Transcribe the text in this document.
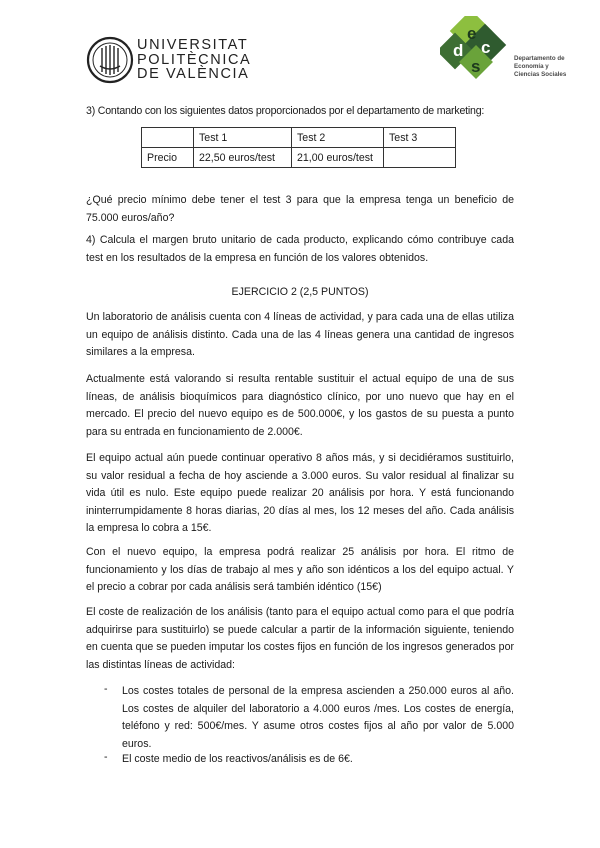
UNIVERSITAT
POLITÈCNICA
DE VALÈNCIA
d
e
c
s	Departamento de
Economía y
Ciencias Sociales
3) Contando con los siguientes datos proporcionados por el departamento de marketing:
	Test 1	Test 2	Test 3
Precio	22,50 euros/test	21,00 euros/test	
¿Qué precio mínimo debe tener el test 3 para que la empresa tenga un beneficio de 75.000 euros/año?
4) Calcula el margen bruto unitario de cada producto, explicando cómo contribuye cada test en los resultados de la empresa en función de los valores obtenidos.
EJERCICIO 2 (2,5 PUNTOS)
Un laboratorio de análisis cuenta con 4 líneas de actividad, y para cada una de ellas utiliza un equipo de análisis distinto. Cada una de las 4 líneas genera una cantidad de ingresos similares a la empresa.
Actualmente está valorando si resulta rentable sustituir el actual equipo de una de sus líneas, de análisis bioquímicos para diagnóstico clínico, por uno nuevo que hay en el mercado. El precio del nuevo equipo es de 500.000€, y los gastos de su puesta a punto para su entrada en funcionamiento de 2.000€.
El equipo actual aún puede continuar operativo 8 años más, y si decidiéramos sustituirlo, su valor residual a fecha de hoy asciende a 3.000 euros. Su valor residual al finalizar su vida útil es nulo. Este equipo puede realizar 20 análisis por hora. Y está funcionando ininterrumpidamente 8 horas diarias, 20 días al mes, los 12 meses del año. Cada análisis la empresa lo cobra a 15€.
Con el nuevo equipo, la empresa podrá realizar 25 análisis por hora. El ritmo de funcionamiento y los días de trabajo al mes y año son idénticos a los del equipo actual. Y el precio a cobrar por cada análisis será también idéntico (15€)
El coste de realización de los análisis (tanto para el equipo actual como para el que podría adquirirse para sustituirlo) se puede calcular a partir de la información siguiente, teniendo en cuenta que se pueden imputar los costes fijos en función de los ingresos generados por las distintas líneas de actividad:
- Los costes totales de personal de la empresa ascienden a 250.000 euros al año. Los costes de alquiler del laboratorio a 4.000 euros /mes. Los costes de energía, teléfono y red: 500€/mes. Y asume otros costes fijos al año por valor de 5.000 euros.
- El coste medio de los reactivos/análisis es de 6€.
